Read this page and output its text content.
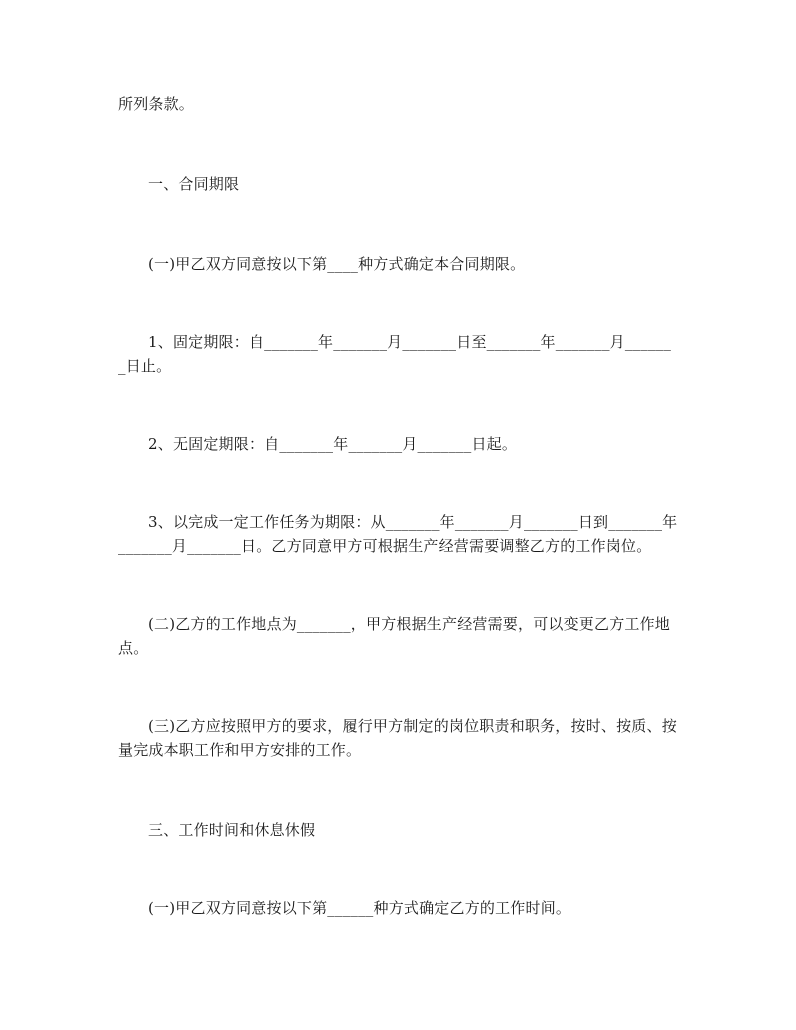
所列条款。

一、合同期限

(一)甲乙双方同意按以下第____种方式确定本合同期限。

1、固定期限：自_______年_______月_______日至_______年_______月_______日止。

2、无固定期限：自_______年_______月_______日起。

3、以完成一定工作任务为期限：从_______年_______月_______日到_______年_______月_______日。乙方同意甲方可根据生产经营需要调整乙方的工作岗位。

(二)乙方的工作地点为_______，甲方根据生产经营需要，可以变更乙方工作地点。

(三)乙方应按照甲方的要求，履行甲方制定的岗位职责和职务，按时、按质、按量完成本职工作和甲方安排的工作。

三、工作时间和休息休假

(一)甲乙双方同意按以下第______种方式确定乙方的工作时间。
